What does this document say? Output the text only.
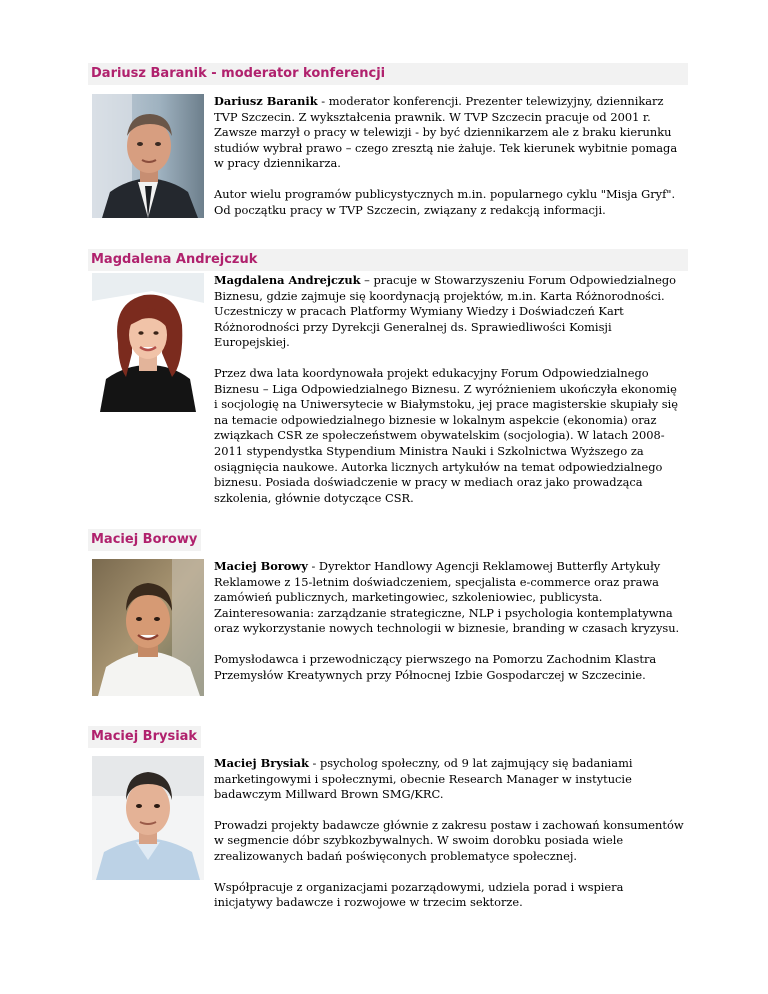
Dariusz Baranik - moderator konferencji

Dariusz Baranik - moderator konferencji. Prezenter telewizyjny, dziennikarz TVP Szczecin. Z wykształcenia prawnik. W TVP Szczecin pracuje od 2001 r. Zawsze marzył o pracy w telewizji - by być dziennikarzem ale z braku kierunku studiów wybrał prawo – czego zresztą nie żałuje. Tek kierunek wybitnie pomaga w pracy dziennikarza.

Autor wielu programów publicystycznych m.in. popularnego cyklu "Misja Gryf". Od początku pracy w TVP Szczecin, związany z redakcją informacji.

Magdalena Andrejczuk

Magdalena Andrejczuk – pracuje w Stowarzyszeniu Forum Odpowiedzialnego Biznesu, gdzie zajmuje się koordynacją projektów, m.in. Karta Różnorodności. Uczestniczy w pracach Platformy Wymiany Wiedzy i Doświadczeń Kart Różnorodności przy Dyrekcji Generalnej ds. Sprawiedliwości Komisji Europejskiej.

Przez dwa lata koordynowała projekt edukacyjny Forum Odpowiedzialnego Biznesu – Liga Odpowiedzialnego Biznesu. Z wyróżnieniem ukończyła ekonomię i socjologię na Uniwersytecie w Białymstoku, jej prace magisterskie skupiały się na temacie odpowiedzialnego biznesie w lokalnym aspekcie (ekonomia) oraz związkach CSR ze społeczeństwem obywatelskim (socjologia). W latach 2008-2011 stypendystka Stypendium Ministra Nauki i Szkolnictwa Wyższego za osiągnięcia naukowe. Autorka licznych artykułów na temat odpowiedzialnego biznesu. Posiada doświadczenie w pracy w mediach oraz jako prowadząca szkolenia, głównie dotyczące CSR.

Maciej Borowy

Maciej Borowy - Dyrektor Handlowy Agencji Reklamowej Butterfly Artykuły Reklamowe z 15-letnim doświadczeniem, specjalista e-commerce oraz prawa zamówień publicznych, marketingowiec, szkoleniowiec, publicysta. Zainteresowania: zarządzanie strategiczne, NLP i psychologia kontemplatywna oraz wykorzystanie nowych technologii w biznesie, branding w czasach kryzysu.

Pomysłodawca i przewodniczący pierwszego na Pomorzu Zachodnim Klastra Przemysłów Kreatywnych przy Północnej Izbie Gospodarczej w Szczecinie.

Maciej Brysiak

Maciej Brysiak - psycholog społeczny, od 9 lat zajmujący się badaniami marketingowymi i społecznymi, obecnie Research Manager w instytucie badawczym Millward Brown SMG/KRC.

Prowadzi projekty badawcze głównie z zakresu postaw i zachowań konsumentów w segmencie dóbr szybkozbywalnych. W swoim dorobku posiada wiele zrealizowanych badań poświęconych problematyce społecznej.

Współpracuje z organizacjami pozarządowymi, udziela porad i wspiera inicjatywy badawcze i rozwojowe w trzecim sektorze.
